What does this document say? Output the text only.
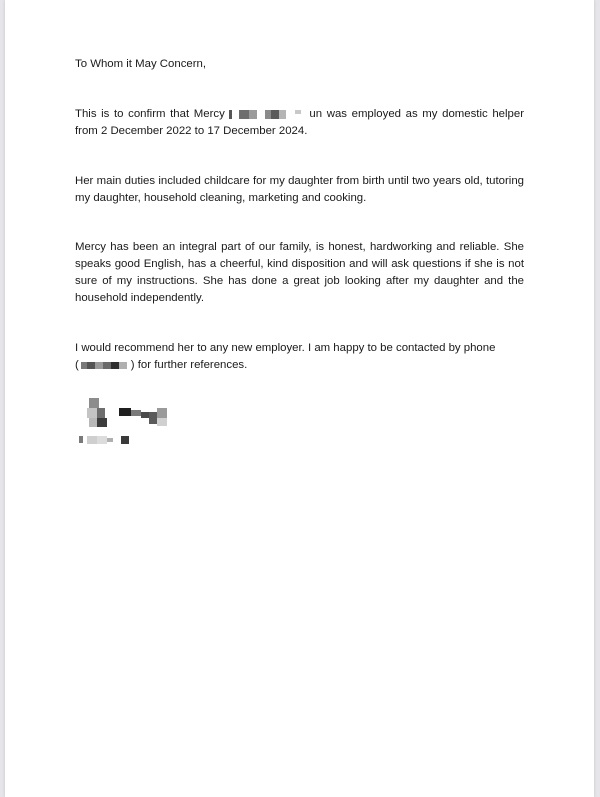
To Whom it May Concern,
This is to confirm that Mercy	un was employed as my domestic helper from 2 December 2022 to 17 December 2024.
Her main duties included childcare for my daughter from birth until two years old, tutoring my daughter, household cleaning, marketing and cooking.
Mercy has been an integral part of our family, is honest, hardworking and reliable. She speaks good English, has a cheerful, kind disposition and will ask questions if she is not sure of my instructions. She has done a great job looking after my daughter and the household independently.
I would recommend her to any new employer. I am happy to be contacted by phone
(	) for further references.
